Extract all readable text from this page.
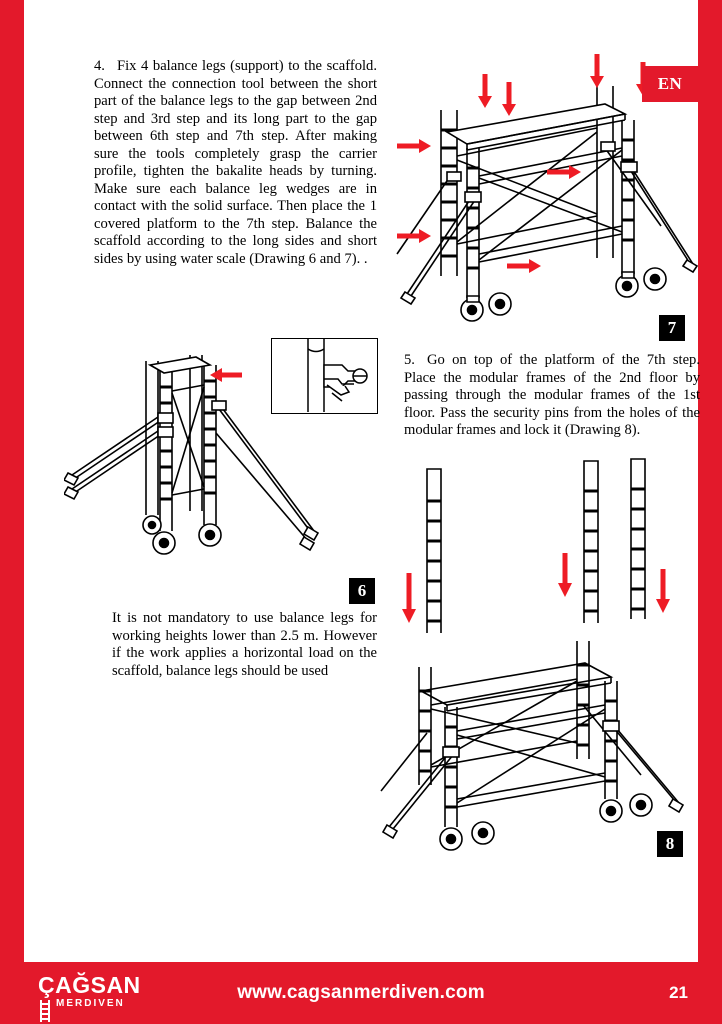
7
4. Fix 4 balance legs (support) to the scaffold. Connect the connection tool between the short part of the balance legs to the gap between 2nd step and 3rd step and its long part to the gap between 6th step and 7th step. After making sure the tools completely grasp the carrier profile, tighten the bakalite heads by turning. Make sure each balance leg wedges are in contact with the solid surface. Then place the 1 covered platform to the 7th step. Balance the scaffold according to the long sides and short sides by using water scale (Drawing 6 and 7). .
6
5. Go on top of the platform of the 7th step. Place the modular frames of the 2nd floor by passing through the modular frames of the 1st floor. Pass the security pins from the holes of the modular frames and lock it (Drawing 8).
It is not mandatory to use balance legs for working heights lower than 2.5 m. However if the work applies a horizontal load on the scaffold, balance legs should be used
8
EN
ÇAĞSAN
MERDIVEN
www.cagsanmerdiven.com	21
